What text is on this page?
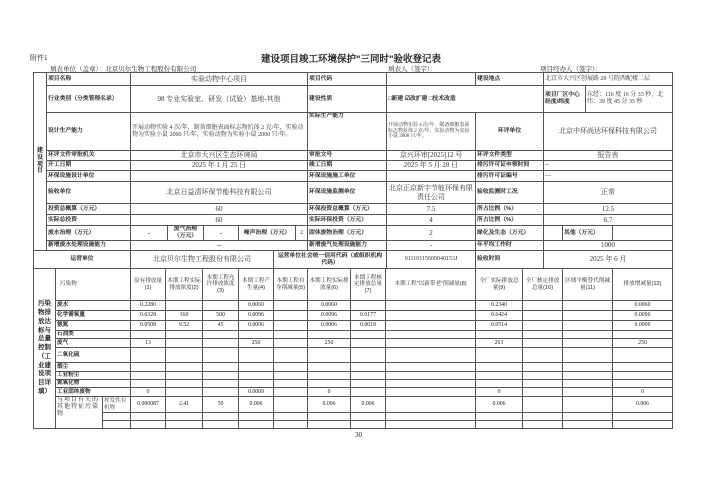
附件1	建设项目竣工环境保护"三同时"验收登记表
填表单位（盖章）：北京贝尔生物工程股份有限公司	填表人（签字）：	项目经办人（签字）：
建设项目	项目名称	实验动物中心项目						项目代码		建设地点	北京市大兴区创展路 20 号院西配楼二层			
	行业类别（分类管理名录）	98 专业实验室、研发（试验）基地-其他						建设性质	□新建 ☑改扩建 □技术改造		项目厂区中心经度/纬度		东经：116 度 16 分 33 秒，北纬：39 度 45 分 35 秒	
	设计生产能力	开展动物实验 4 次/年，制备细胞表面标志物抗体 2 克/年，实验动物为实验小鼠 2000 只/年，实验动物为实验小鼠 2000 只/年。						实际生产能力	开展动物实验 4 次/年，制备细胞表面标志物抗体 2 克/年。实验动物为实验小鼠 2000 只/年。	环评单位	北京中环尚达环保科技有限公司			
	环评文件审批机关	北京市大兴区生态环境局						审批文号	京兴环审[2025]12 号	环评文件类型	报告表			
	开工日期	2025 年 1 月 25 日						竣工日期	2025 年 5 月 28 日	排污许可证申领时间	--			
	环保设施设计单位							环保设施施工单位		排污许可证编号	—			
	验收单位	北京日益清环保节能科技有限公司						环保设施监测单位	北京正京新宇节能环保有限责任公司	验收监测时工况	正常			
	投资总概算（万元）	60						环保投资总概算（万元）	7.5	所占比例（%）	12.5			
	实际总投资	60						实际环保投资（万元）	4	所占比例（%）	6.7			
	废水治理（万元）	-	废气治理（万元）	-	噪声治理（万元）		2	固体废物治理（万元）	2	绿化及生态（万元）		其他（万元）		
	新增废水处理设施能力	--						新增废气处理设施能力	-	年平均工作时	1000			
运营单位		北京贝尔生物工程股份有限公司				运营单位社会统一信用代码（或组织机构代码）			91110115600040153J	验收时间	2025 年 6 月			
污染物排放达标与总量控制（工业建设项目详填）	污染物		原有排放量(1)	本期工程实际排放浓度(2)	本期工程允许排放浓度(3)	本期工程产生量(4)	本期工程自身削减量(5)	本期工程实际排放量(6)	本期工程核定排放总量(7)	本期工程"以新带老"削减量(8)	全厂实际排放总量(9)	全厂核定排放总量(10)	区域平衡替代削减量(11)	排放增减量(12)
	废水		0.2280			0.0060		0.0060			0.2340			0.0060
	化学需氧量		0.6328	160	500	0.0096		0.0096	0.0177		0.6424			0.0096
	氨氮		0.0508	9.52	45	0.0006		0.0006	0.0018		0.0514			0.0006
	石油类													
	废气		13			250		250			263			250
	二氧化硫													
	烟尘													
	工业粉尘													
	氮氧化物													
	工业固体废物		0			0.0009		0			0			0
	与项目有关的其他特征污染物	挥发性有机物	0.000087	2.41	50	0.006		0.006	0.006		0.006			0.006

30
